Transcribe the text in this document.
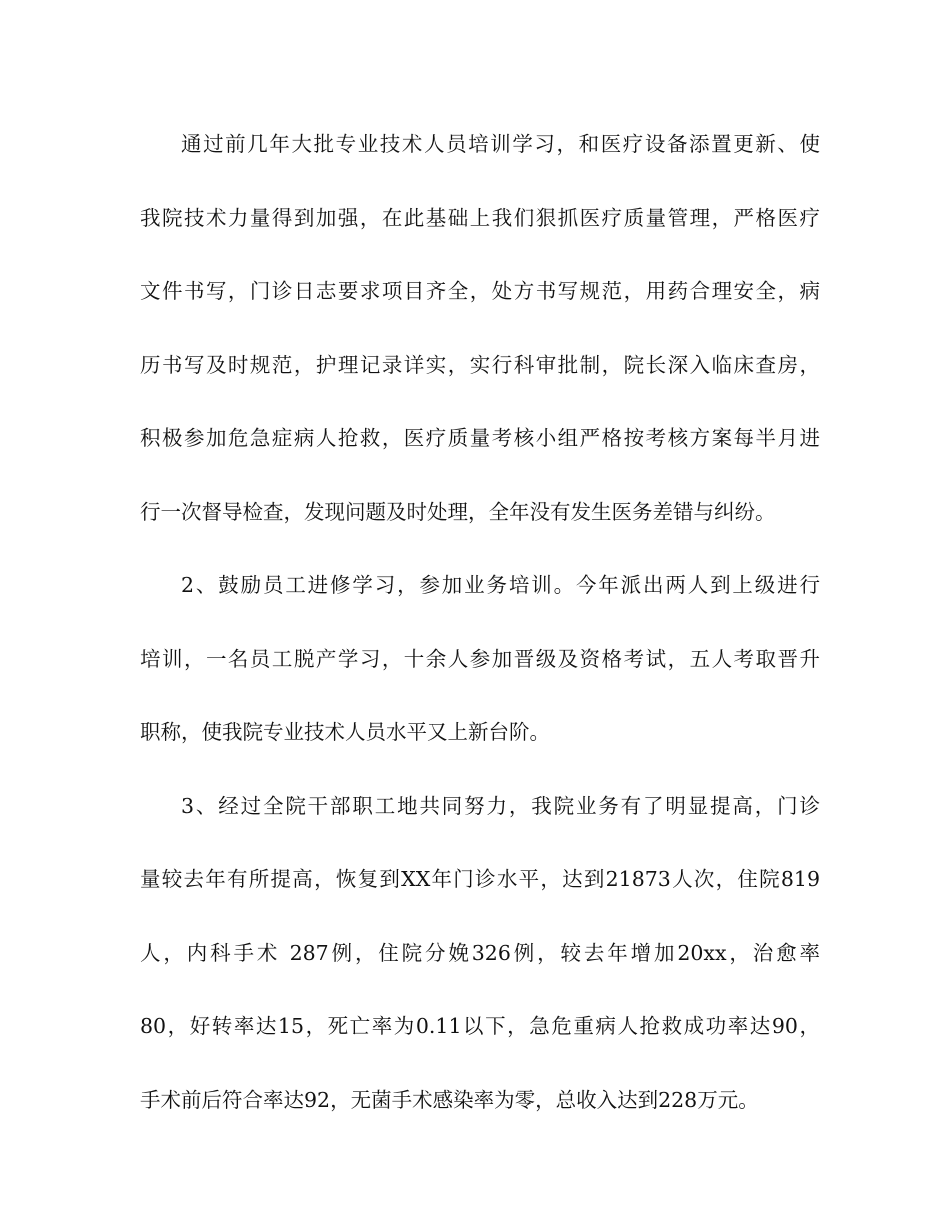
通过前几年大批专业技术人员培训学习，和医疗设备添置更新、使
我院技术力量得到加强，在此基础上我们狠抓医疗质量管理，严格医疗
文件书写，门诊日志要求项目齐全，处方书写规范，用药合理安全，病
历书写及时规范，护理记录详实，实行科审批制，院长深入临床查房，
积极参加危急症病人抢救，医疗质量考核小组严格按考核方案每半月进
行一次督导检查，发现问题及时处理，全年没有发生医务差错与纠纷。
2、鼓励员工进修学习，参加业务培训。今年派出两人到上级进行
培训，一名员工脱产学习，十余人参加晋级及资格考试，五人考取晋升
职称，使我院专业技术人员水平又上新台阶。
3、经过全院干部职工地共同努力，我院业务有了明显提高，门诊
量较去年有所提高，恢复到XX年门诊水平，达到21873人次，住院819
人，内科手术 287例，住院分娩326例，较去年增加20xx，治愈率
80，好转率达15，死亡率为0.11以下，急危重病人抢救成功率达90，
手术前后符合率达92，无菌手术感染率为零，总收入达到228万元。
